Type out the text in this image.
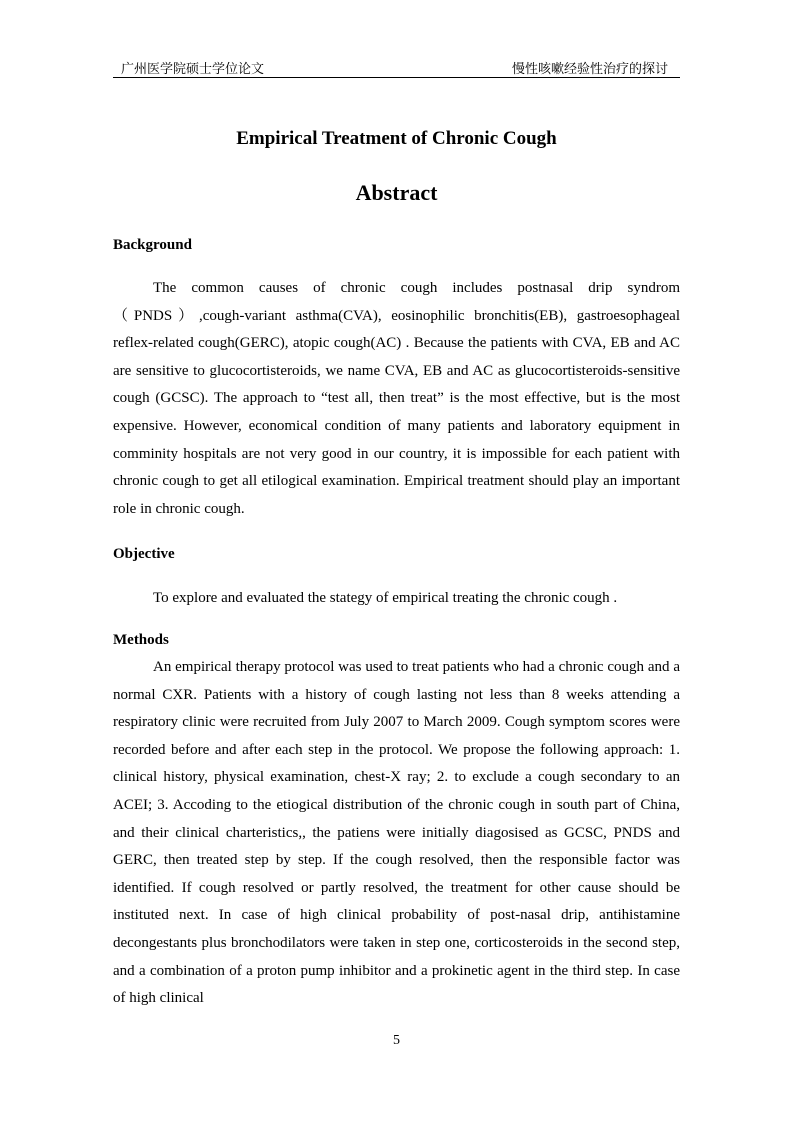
广州医学院硕士学位论文	慢性咳嗽经验性治疗的探讨
Empirical Treatment of Chronic Cough
Abstract
Background

The common causes of chronic cough includes postnasal drip syndrom （PNDS）,cough-variant asthma(CVA), eosinophilic bronchitis(EB), gastroesophageal reflex-related cough(GERC), atopic cough(AC) . Because the patients with CVA, EB and AC are sensitive to glucocortisteroids, we name CVA, EB and AC as glucocortisteroids-sensitive cough (GCSC). The approach to “test all, then treat” is the most effective, but is the most expensive. However, economical condition of many patients and laboratory equipment in comminity hospitals are not very good in our country, it is impossible for each patient with chronic cough to get all etilogical examination. Empirical treatment should play an important role in chronic cough.

Objective

To explore and evaluated the stategy of empirical treating the chronic cough .

Methods

An empirical therapy protocol was used to treat patients who had a chronic cough and a normal CXR. Patients with a history of cough lasting not less than 8 weeks attending a respiratory clinic were recruited from July 2007 to March 2009. Cough symptom scores were recorded before and after each step in the protocol. We propose the following approach: 1. clinical history, physical examination, chest-X ray; 2. to exclude a cough secondary to an ACEI; 3. Accoding to the etiogical distribution of the chronic cough in south part of China, and their clinical charteristics,, the patiens were initially diagosised as GCSC, PNDS and GERC, then treated step by step. If the cough resolved, then the responsible factor was identified. If cough resolved or partly resolved, the treatment for other cause should be instituted next. In case of high clinical probability of post-nasal drip, antihistamine decongestants plus bronchodilators were taken in step one, corticosteroids in the second step, and a combination of a proton pump inhibitor and a prokinetic agent in the third step. In case of high clinical

5
